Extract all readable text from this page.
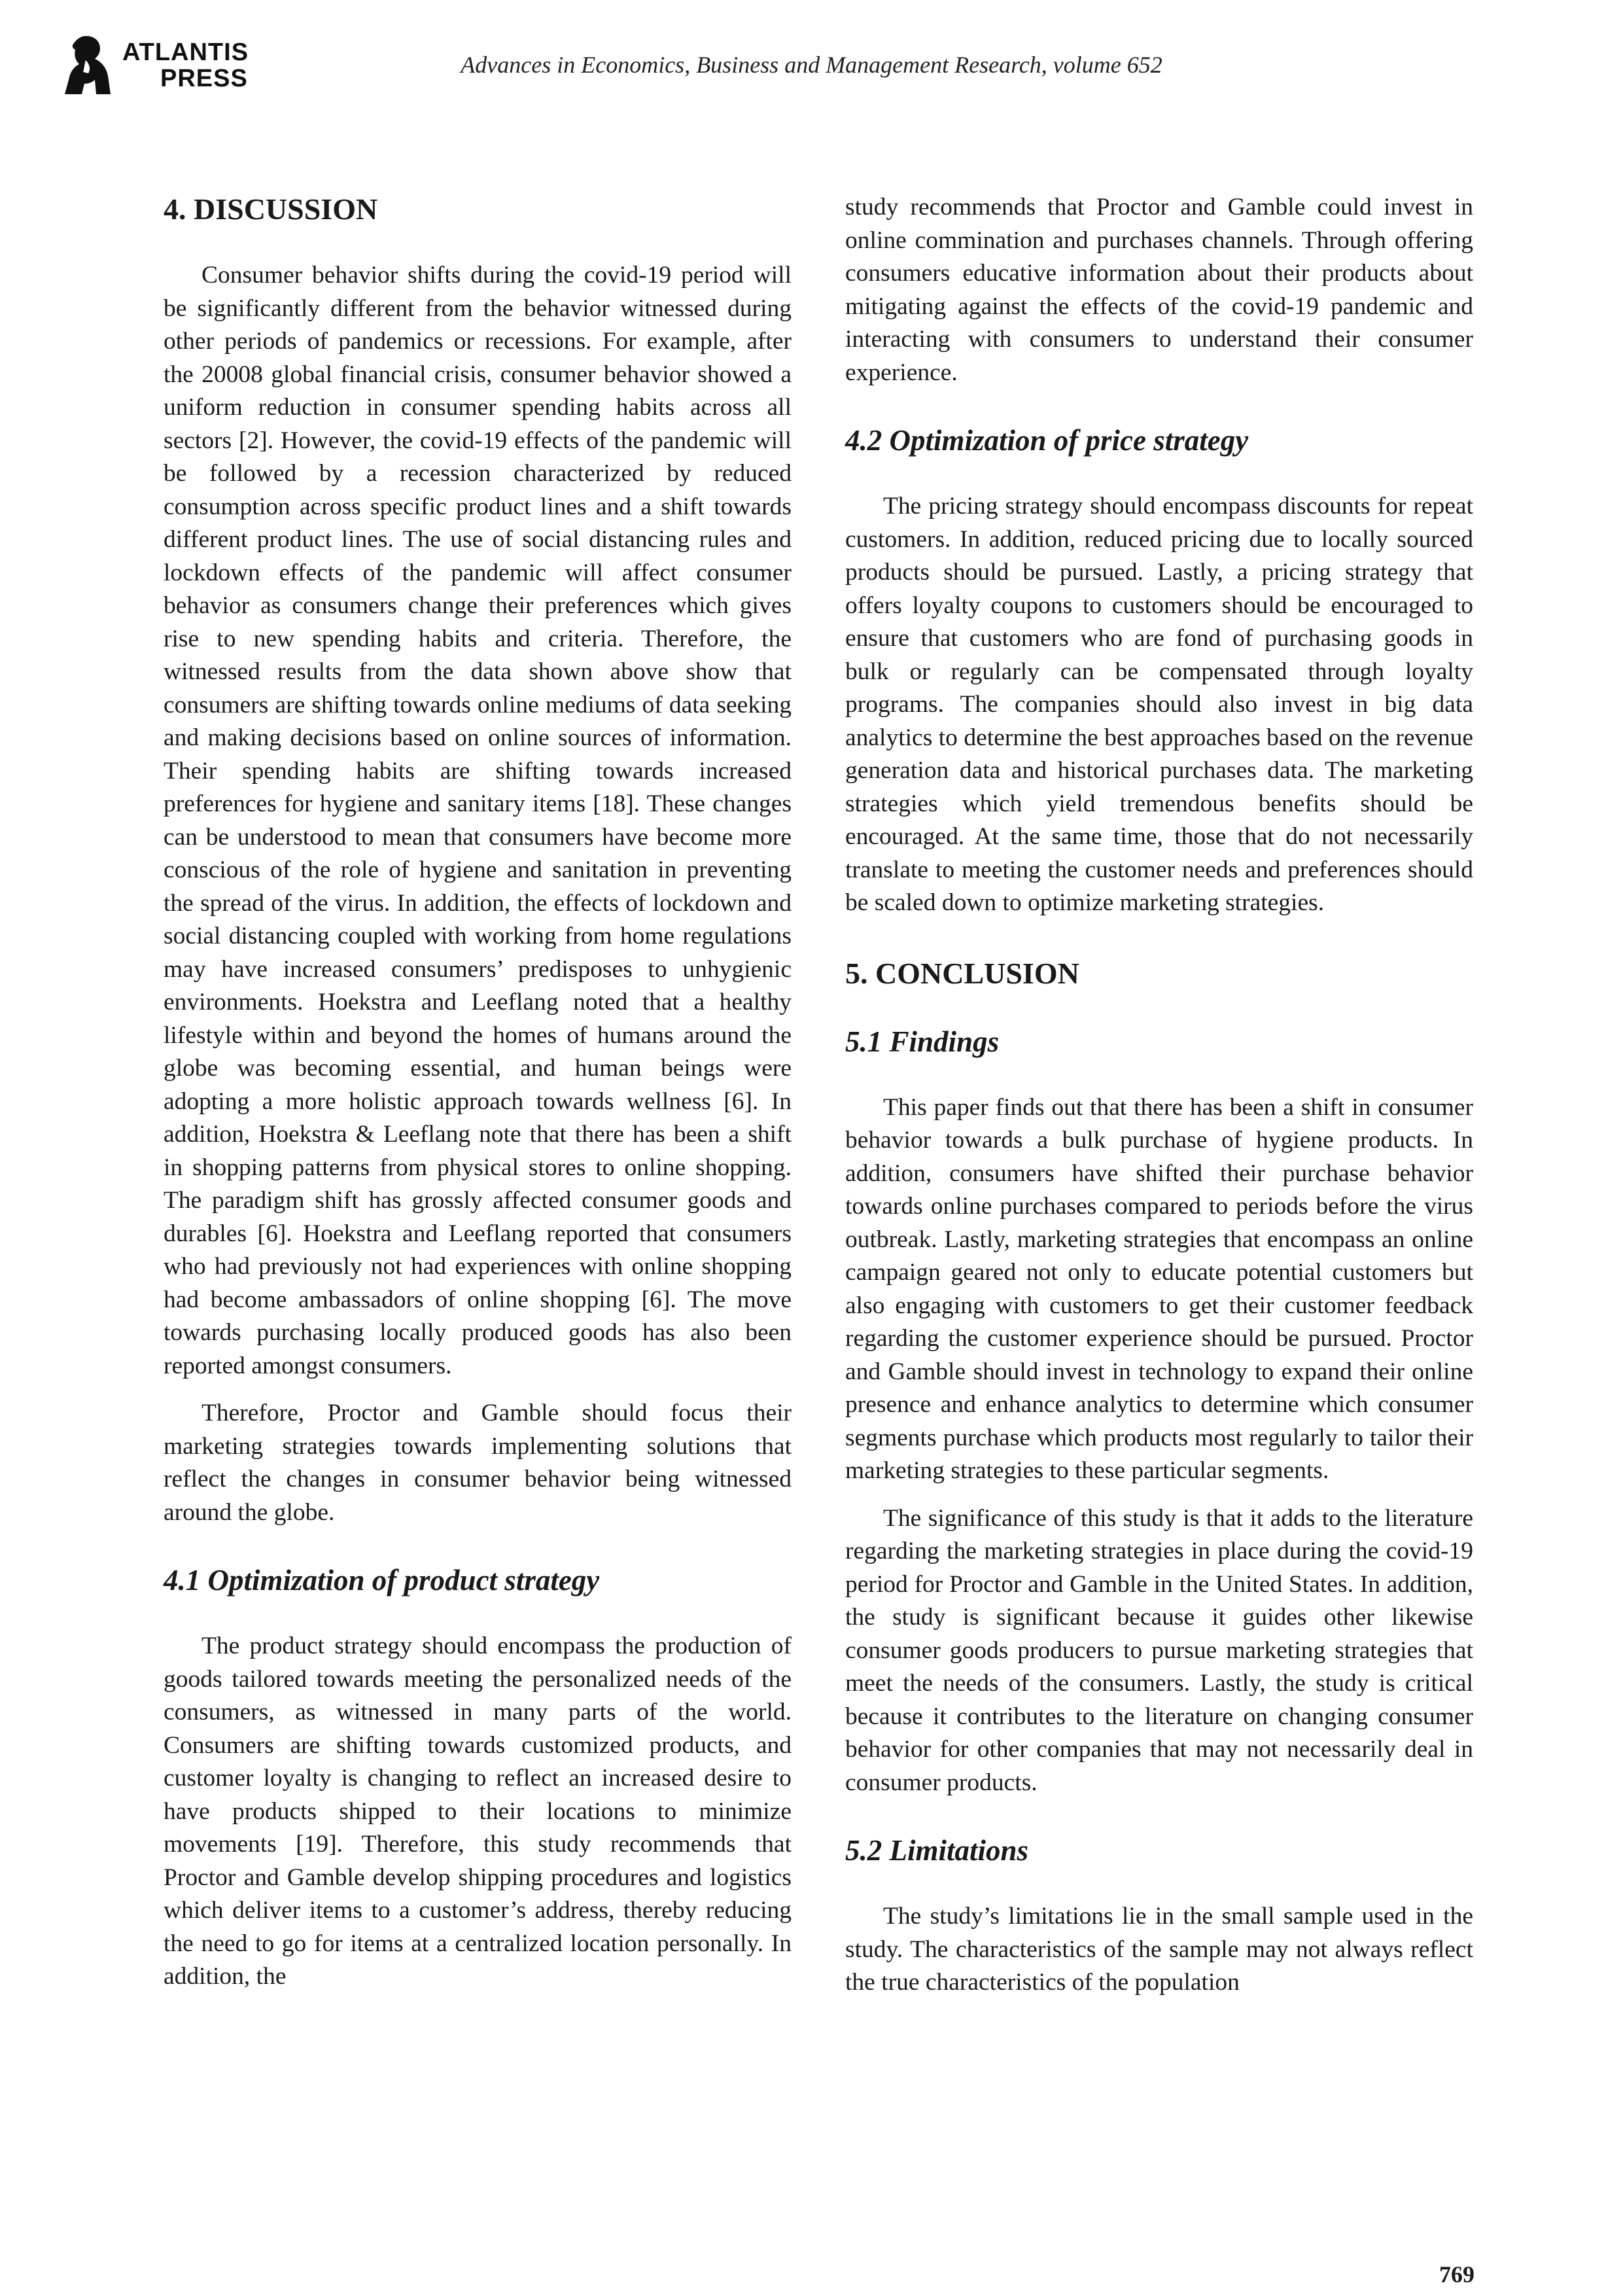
ATLANTIS
PRESS	Advances in Economics, Business and Management Research, volume 652
4. DISCUSSION

Consumer behavior shifts during the covid-19 period will be significantly different from the behavior witnessed during other periods of pandemics or recessions. For example, after the 20008 global financial crisis, consumer behavior showed a uniform reduction in consumer spending habits across all sectors [2]. However, the covid-19 effects of the pandemic will be followed by a recession characterized by reduced consumption across specific product lines and a shift towards different product lines. The use of social distancing rules and lockdown effects of the pandemic will affect consumer behavior as consumers change their preferences which gives rise to new spending habits and criteria. Therefore, the witnessed results from the data shown above show that consumers are shifting towards online mediums of data seeking and making decisions based on online sources of information. Their spending habits are shifting towards increased preferences for hygiene and sanitary items [18]. These changes can be understood to mean that consumers have become more conscious of the role of hygiene and sanitation in preventing the spread of the virus. In addition, the effects of lockdown and social distancing coupled with working from home regulations may have increased consumers’ predisposes to unhygienic environments. Hoekstra and Leeflang noted that a healthy lifestyle within and beyond the homes of humans around the globe was becoming essential, and human beings were adopting a more holistic approach towards wellness [6]. In addition, Hoekstra & Leeflang note that there has been a shift in shopping patterns from physical stores to online shopping. The paradigm shift has grossly affected consumer goods and durables [6]. Hoekstra and Leeflang reported that consumers who had previously not had experiences with online shopping had become ambassadors of online shopping [6]. The move towards purchasing locally produced goods has also been reported amongst consumers.

Therefore, Proctor and Gamble should focus their marketing strategies towards implementing solutions that reflect the changes in consumer behavior being witnessed around the globe.

4.1 Optimization of product strategy

The product strategy should encompass the production of goods tailored towards meeting the personalized needs of the consumers, as witnessed in many parts of the world. Consumers are shifting towards customized products, and customer loyalty is changing to reflect an increased desire to have products shipped to their locations to minimize movements [19]. Therefore, this study recommends that Proctor and Gamble develop shipping procedures and logistics which deliver items to a customer’s address, thereby reducing the need to go for items at a centralized location personally. In addition, the

study recommends that Proctor and Gamble could invest in online commination and purchases channels. Through offering consumers educative information about their products about mitigating against the effects of the covid-19 pandemic and interacting with consumers to understand their consumer experience.

4.2 Optimization of price strategy

The pricing strategy should encompass discounts for repeat customers. In addition, reduced pricing due to locally sourced products should be pursued. Lastly, a pricing strategy that offers loyalty coupons to customers should be encouraged to ensure that customers who are fond of purchasing goods in bulk or regularly can be compensated through loyalty programs. The companies should also invest in big data analytics to determine the best approaches based on the revenue generation data and historical purchases data. The marketing strategies which yield tremendous benefits should be encouraged. At the same time, those that do not necessarily translate to meeting the customer needs and preferences should be scaled down to optimize marketing strategies.

5. CONCLUSION
5.1 Findings

This paper finds out that there has been a shift in consumer behavior towards a bulk purchase of hygiene products. In addition, consumers have shifted their purchase behavior towards online purchases compared to periods before the virus outbreak. Lastly, marketing strategies that encompass an online campaign geared not only to educate potential customers but also engaging with customers to get their customer feedback regarding the customer experience should be pursued. Proctor and Gamble should invest in technology to expand their online presence and enhance analytics to determine which consumer segments purchase which products most regularly to tailor their marketing strategies to these particular segments.

The significance of this study is that it adds to the literature regarding the marketing strategies in place during the covid-19 period for Proctor and Gamble in the United States. In addition, the study is significant because it guides other likewise consumer goods producers to pursue marketing strategies that meet the needs of the consumers. Lastly, the study is critical because it contributes to the literature on changing consumer behavior for other companies that may not necessarily deal in consumer products.

5.2 Limitations

The study’s limitations lie in the small sample used in the study. The characteristics of the sample may not always reflect the true characteristics of the population

769
